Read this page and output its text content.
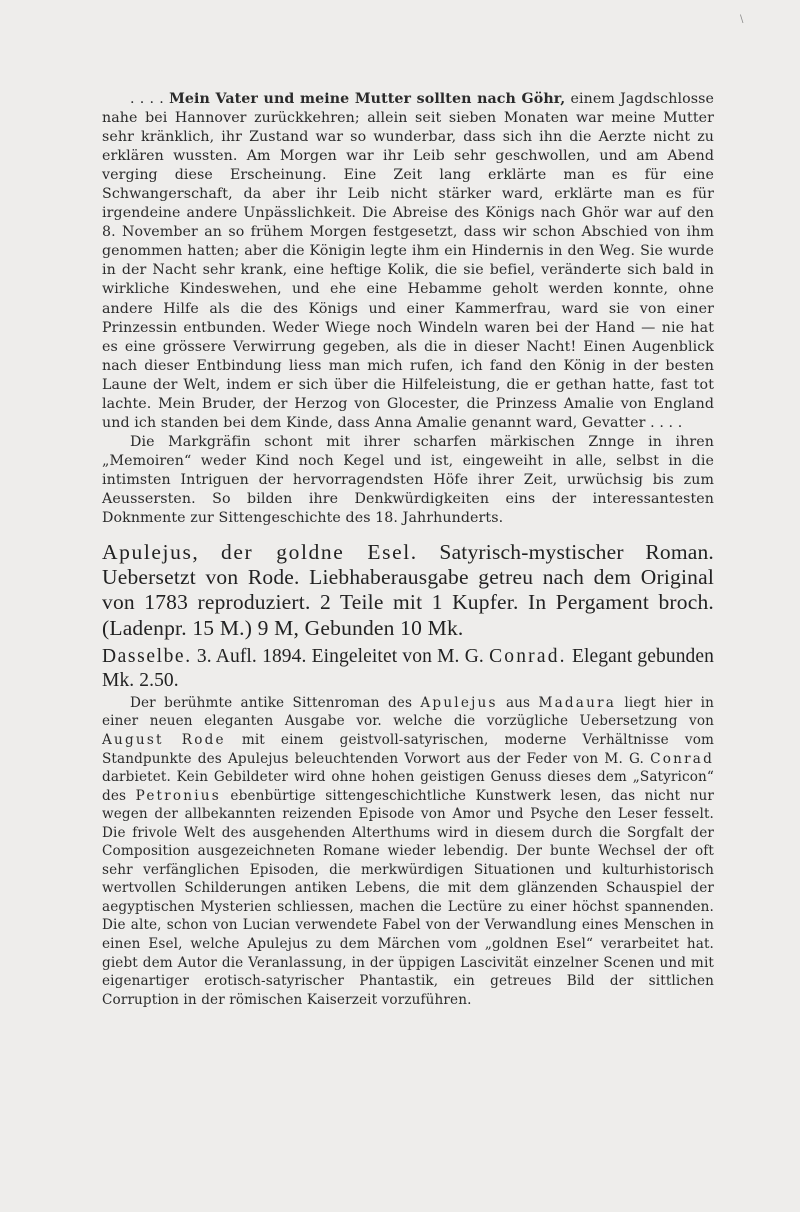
\

. . . . Mein Vater und meine Mutter sollten nach Göhr, einem Jagdschlosse nahe bei Hannover zurückkehren; allein seit sieben Monaten war meine Mutter sehr kränklich, ihr Zustand war so wunderbar, dass sich ihn die Aerzte nicht zu erklären wussten. Am Morgen war ihr Leib sehr geschwollen, und am Abend verging diese Erscheinung. Eine Zeit lang erklärte man es für eine Schwangerschaft, da aber ihr Leib nicht stärker ward, erklärte man es für irgendeine andere Unpässlichkeit. Die Abreise des Königs nach Ghör war auf den 8. November an so frühem Morgen festgesetzt, dass wir schon Abschied von ihm genommen hatten; aber die Königin legte ihm ein Hindernis in den Weg. Sie wurde in der Nacht sehr krank, eine heftige Kolik, die sie befiel, veränderte sich bald in wirkliche Kindeswehen, und ehe eine Hebamme geholt werden konnte, ohne andere Hilfe als die des Königs und einer Kammerfrau, ward sie von einer Prinzessin entbunden. Weder Wiege noch Windeln waren bei der Hand — nie hat es eine grössere Verwirrung gegeben, als die in dieser Nacht! Einen Augenblick nach dieser Entbindung liess man mich rufen, ich fand den König in der besten Laune der Welt, indem er sich über die Hilfeleistung, die er gethan hatte, fast tot lachte. Mein Bruder, der Herzog von Glocester, die Prinzess Amalie von England und ich standen bei dem Kinde, dass Anna Amalie genannt ward, Gevatter . . . .

Die Markgräfin schont mit ihrer scharfen märkischen Znnge in ihren „Memoiren“ weder Kind noch Kegel und ist, eingeweiht in alle, selbst in die intimsten Intriguen der hervorragendsten Höfe ihrer Zeit, urwüchsig bis zum Aeussersten. So bilden ihre Denkwürdigkeiten eins der interessantesten Doknmente zur Sittengeschichte des 18. Jahrhunderts.

Apulejus, der goldne Esel. Satyrisch-mystischer Roman. Uebersetzt von Rode. Liebhaberausgabe getreu nach dem Original von 1783 reproduziert. 2 Teile mit 1 Kupfer. In Pergament broch. (Ladenpr. 15 M.) 9 M, Gebunden 10 Mk.

Dasselbe. 3. Aufl. 1894. Eingeleitet von M. G. Conrad. Elegant gebunden Mk. 2.50.

Der berühmte antike Sittenroman des Apulejus aus Madaura liegt hier in einer neuen eleganten Ausgabe vor. welche die vorzügliche Uebersetzung von August Rode mit einem geistvoll-satyrischen, moderne Verhältnisse vom Standpunkte des Apulejus beleuchtenden Vorwort aus der Feder von M. G. Conrad darbietet. Kein Gebildeter wird ohne hohen geistigen Genuss dieses dem „Satyricon“ des Petronius ebenbürtige sittengeschichtliche Kunstwerk lesen, das nicht nur wegen der allbekannten reizenden Episode von Amor und Psyche den Leser fesselt. Die frivole Welt des ausgehenden Alterthums wird in diesem durch die Sorgfalt der Composition ausgezeichneten Romane wieder lebendig. Der bunte Wechsel der oft sehr verfänglichen Episoden, die merkwürdigen Situationen und kulturhistorisch wertvollen Schilderungen antiken Lebens, die mit dem glänzenden Schauspiel der aegyptischen Mysterien schliessen, machen die Lectüre zu einer höchst spannenden. Die alte, schon von Lucian verwendete Fabel von der Verwandlung eines Menschen in einen Esel, welche Apulejus zu dem Märchen vom „goldnen Esel“ verarbeitet hat. giebt dem Autor die Veranlassung, in der üppigen Lascivität einzelner Scenen und mit eigenartiger erotisch-satyrischer Phantastik, ein getreues Bild der sittlichen Corruption in der römischen Kaiserzeit vorzuführen.
